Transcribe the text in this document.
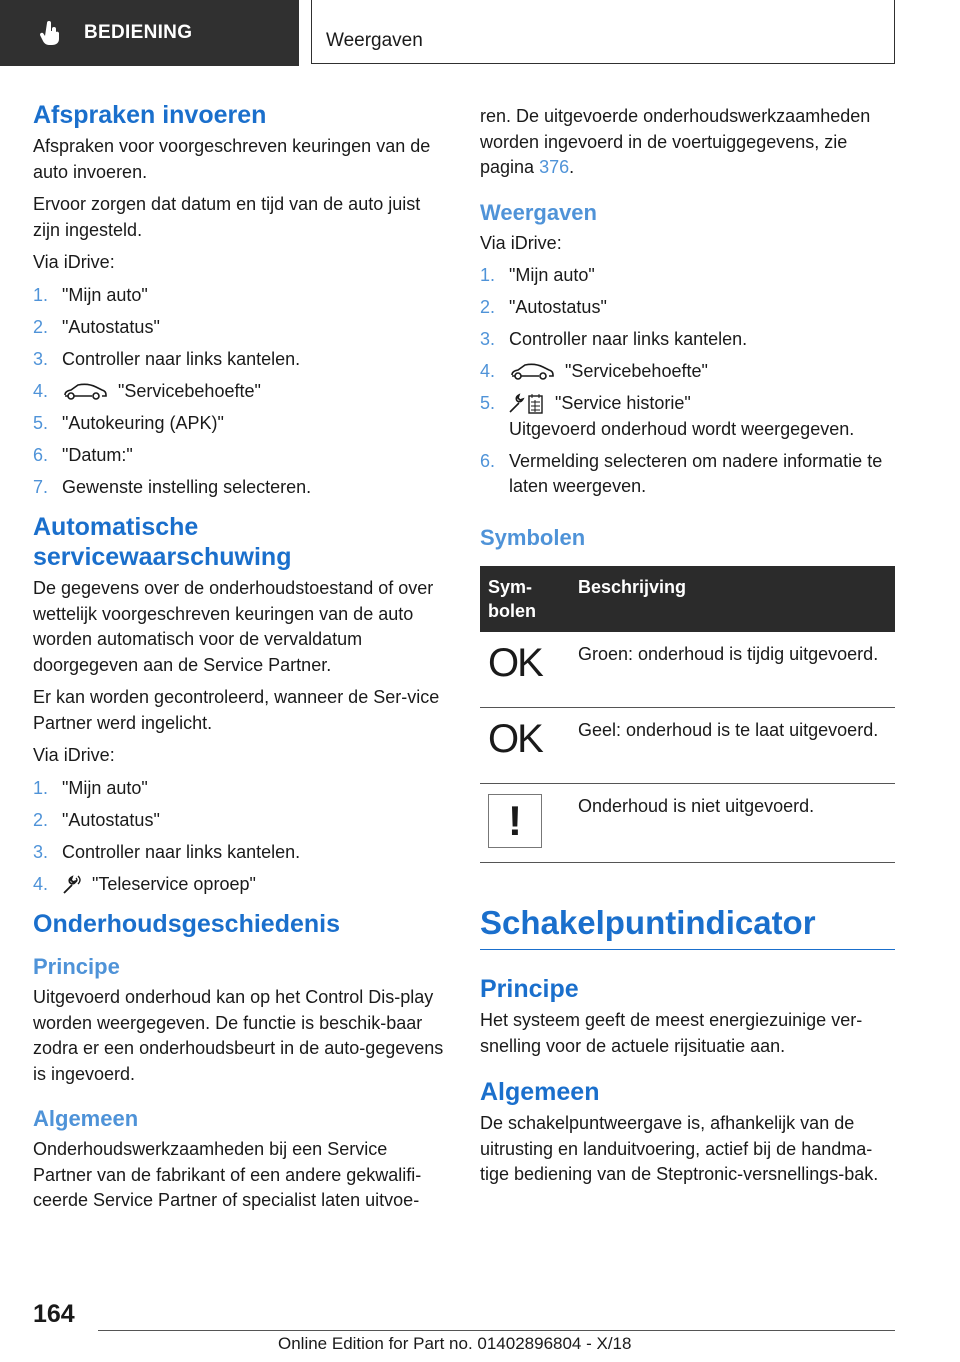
BEDIENING	Weergaven
Afspraken invoeren

Afspraken voor voorgeschreven keuringen van de auto invoeren.

Ervoor zorgen dat datum en tijd van de auto juist zijn ingesteld.

Via iDrive:

1. "Mijn auto"
2. "Autostatus"
3. Controller naar links kantelen.
4.	"Servicebehoefte"
5. "Autokeuring (APK)"
6. "Datum:"
7. Gewenste instelling selecteren.
Automatische servicewaarschuwing

De gegevens over de onderhoudstoestand of over wettelijk voorgeschreven keuringen van de auto worden automatisch voor de vervaldatum doorgegeven aan de Service Partner.

Er kan worden gecontroleerd, wanneer de Ser-vice Partner werd ingelicht.

Via iDrive:

1. "Mijn auto"
2. "Autostatus"
3. Controller naar links kantelen.
4.	"Teleservice oproep"
Onderhoudsgeschiedenis
Principe

Uitgevoerd onderhoud kan op het Control Dis-play worden weergegeven. De functie is beschik-baar zodra er een onderhoudsbeurt in de auto-gegevens is ingevoerd.

Algemeen

Onderhoudswerkzaamheden bij een Service Partner van de fabrikant of een andere gekwalifi-ceerde Service Partner of specialist laten uitvoe-

ren. De uitgevoerde onderhoudswerkzaamheden worden ingevoerd in de voertuiggegevens, zie pagina 376.

Weergaven

Via iDrive:

1. "Mijn auto"
2. "Autostatus"
3. Controller naar links kantelen.
4.	"Servicebehoefte"
5.	"Service historie"
Uitgevoerd onderhoud wordt weergegeven.
6. Vermelding selecteren om nadere informatie te laten weergeven.
Symbolen
Sym-bolen	Beschrijving
OK	Groen: onderhoud is tijdig uitgevoerd.
OK	Geel: onderhoud is te laat uitgevoerd.
!	Onderhoud is niet uitgevoerd.
Schakelpuntindicator
Principe

Het systeem geeft de meest energiezuinige ver-snelling voor de actuele rijsituatie aan.

Algemeen

De schakelpuntweergave is, afhankelijk van de uitrusting en landuitvoering, actief bij de handma-tige bediening van de Steptronic-versnellings-bak.

164
Online Edition for Part no. 01402896804 - X/18
